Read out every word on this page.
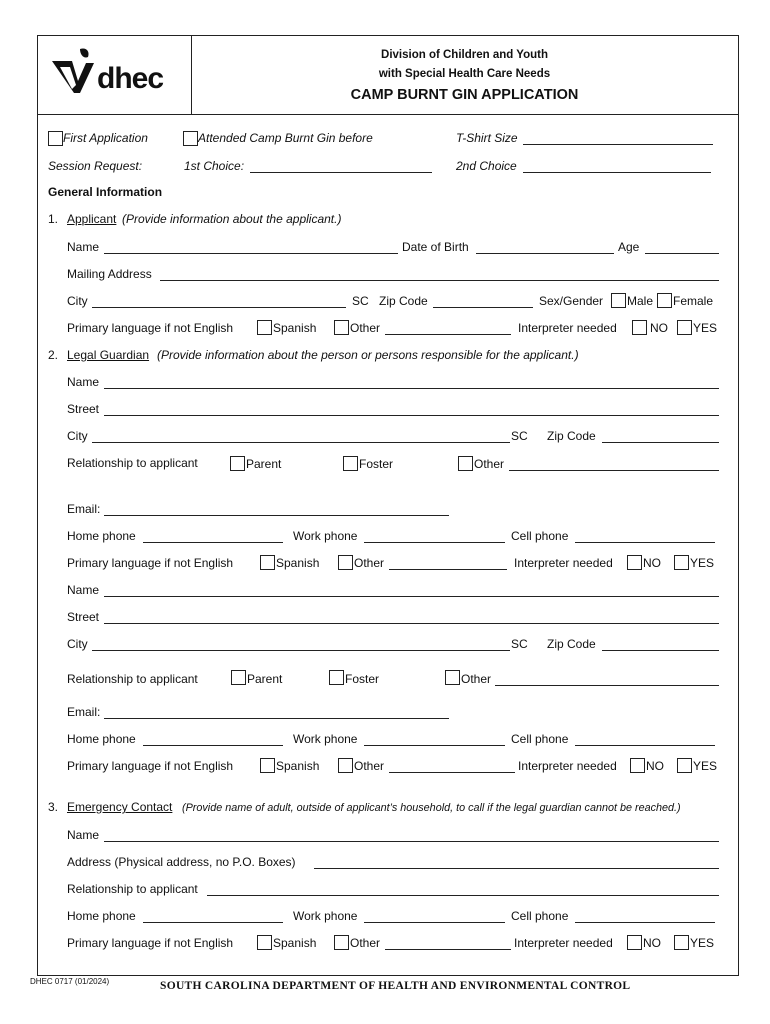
dhec
Division of Children and Youth
with Special Health Care Needs
CAMP BURNT GIN APPLICATION
First Application	Attended Camp Burnt Gin before	T-Shirt Size
Session Request:	1st Choice:	2nd Choice
General Information
1. Applicant (Provide information about the applicant.)
Name	Date of Birth	Age
Mailing Address
City	SC Zip Code	Sex/Gender Male Female
Primary language if not English	Spanish	Other	Interpreter needed	NO YES
2. Legal Guardian (Provide information about the person or persons responsible for the applicant.)
Name
Street
City	SC Zip Code
Relationship to applicant	Parent	Foster	Other
Email:
Home phone	Work phone	Cell phone
Primary language if not English	Spanish	Other	Interpreter needed	NO YES
Name
Street
City	SC Zip Code
Relationship to applicant	Parent	Foster	Other
Email:
Home phone	Work phone	Cell phone
Primary language if not English	Spanish	Other	Interpreter needed NO YES
3. Emergency Contact (Provide name of adult, outside of applicant’s household, to call if the legal guardian cannot be reached.)
Name
Address (Physical address, no P.O. Boxes)
Relationship to applicant
Home phone	Work phone	Cell phone
Primary language if not English	Spanish	Other	Interpreter needed	NO YES
DHEC 0717 (01/2024)	SOUTH CAROLINA DEPARTMENT OF HEALTH AND ENVIRONMENTAL CONTROL
